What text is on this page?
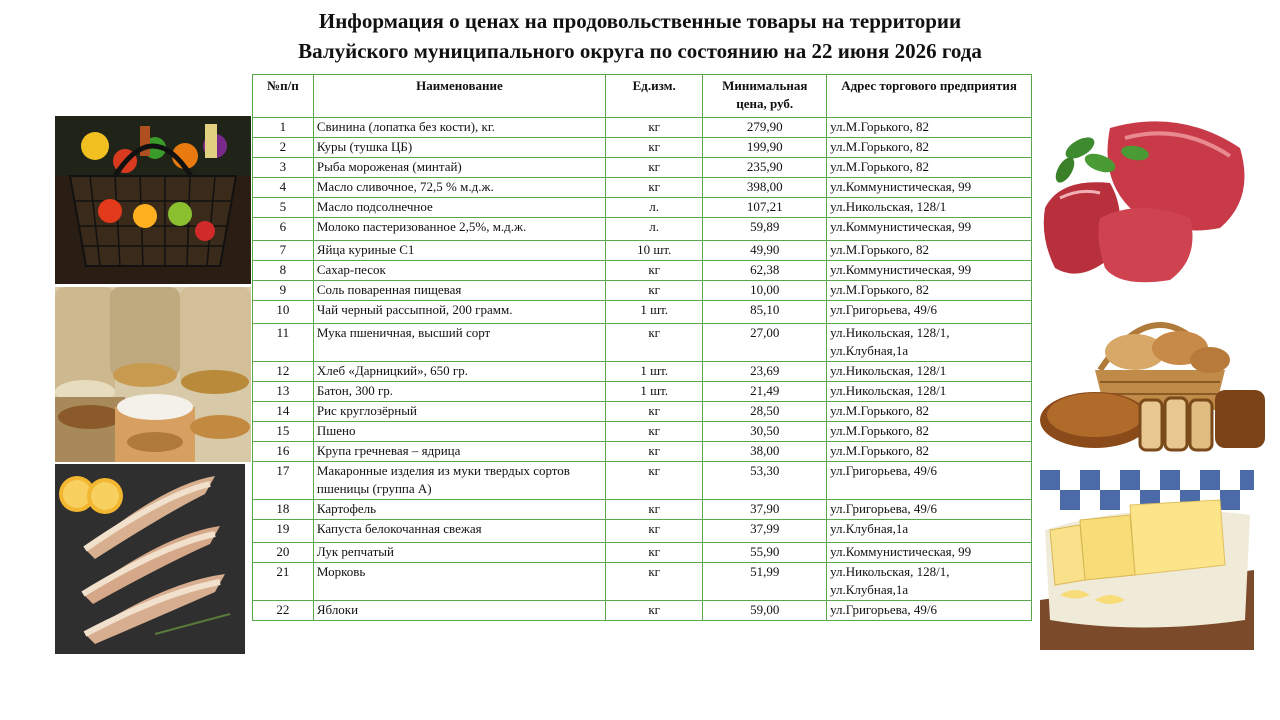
Информация о ценах на продовольственные товары на территории
Валуйского муниципального округа по состоянию на 22 июня 2026 года
№п/п	Наименование	Ед.изм.	Минимальная цена, руб.	Адрес торгового предприятия
1	Свинина (лопатка без кости), кг.	кг	279,90	ул.М.Горького, 82
2	Куры (тушка ЦБ)	кг	199,90	ул.М.Горького, 82
3	Рыба мороженая (минтай)	кг	235,90	ул.М.Горького, 82
4	Масло сливочное, 72,5 % м.д.ж.	кг	398,00	ул.Коммунистическая, 99
5	Масло подсолнечное	л.	107,21	ул.Никольская, 128/1
6	Молоко пастеризованное 2,5%, м.д.ж.	л.	59,89	ул.Коммунистическая, 99
7	Яйца куриные С1	10 шт.	49,90	ул.М.Горького, 82
8	Сахар-песок	кг	62,38	ул.Коммунистическая, 99
9	Соль поваренная пищевая	кг	10,00	ул.М.Горького, 82
10	Чай черный рассыпной, 200 грамм.	1 шт.	85,10	ул.Григорьева, 49/6
11	Мука пшеничная, высший сорт	кг	27,00	ул.Никольская, 128/1,
ул.Клубная,1а
12	Хлеб «Дарницкий», 650 гр.	1 шт.	23,69	ул.Никольская, 128/1
13	Батон, 300 гр.	1 шт.	21,49	ул.Никольская, 128/1
14	Рис круглозёрный	кг	28,50	ул.М.Горького, 82
15	Пшено	кг	30,50	ул.М.Горького, 82
16	Крупа гречневая – ядрица	кг	38,00	ул.М.Горького, 82
17	Макаронные изделия из муки твердых сортов пшеницы (группа А)	кг	53,30	ул.Григорьева, 49/6
18	Картофель	кг	37,90	ул.Григорьева, 49/6
19	Капуста белокочанная свежая	кг	37,99	ул.Клубная,1а
20	Лук репчатый	кг	55,90	ул.Коммунистическая, 99
21	Морковь	кг	51,99	ул.Никольская, 128/1,
ул.Клубная,1а
22	Яблоки	кг	59,00	ул.Григорьева, 49/6
